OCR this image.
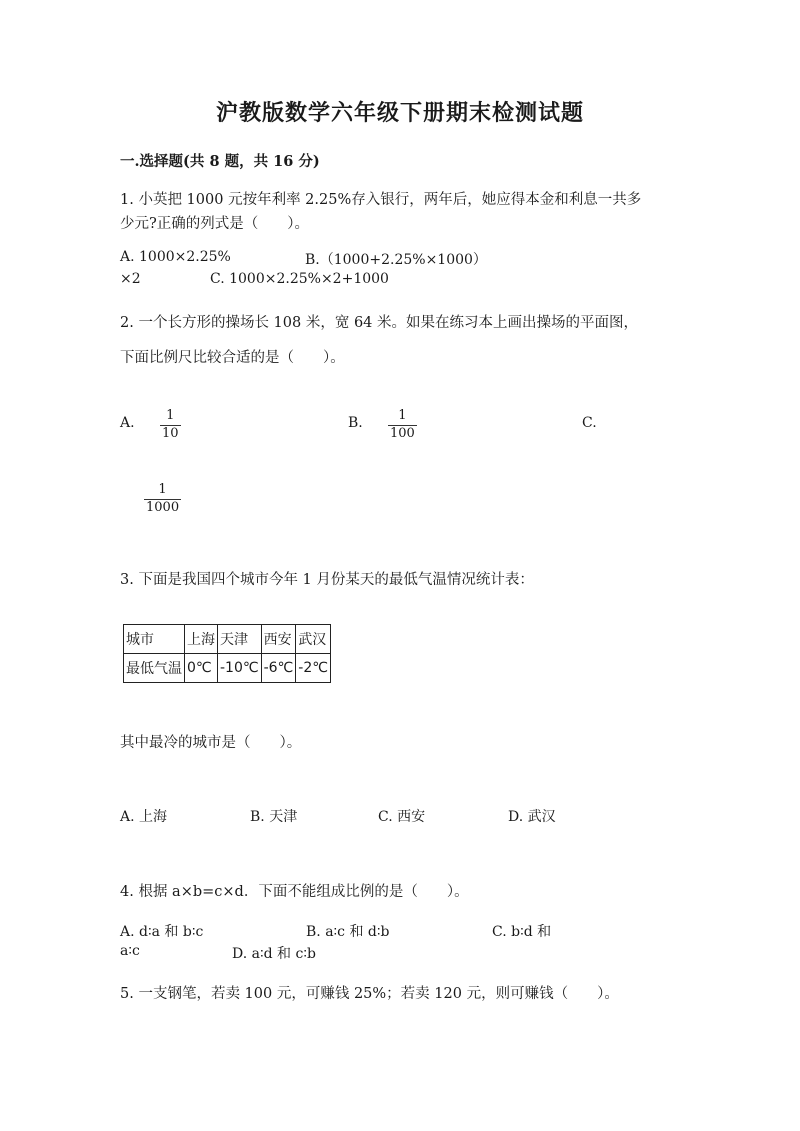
沪教版数学六年级下册期末检测试题
一.选择题(共 8 题，共 16 分)
1. 小英把 1000 元按年利率 2.25%存入银行，两年后，她应得本金和利息一共多
少元?正确的列式是（　　）。
A. 1000×2.25%	B.（1000+2.25%×1000）
×2	C. 1000×2.25%×2+1000
2. 一个长方形的操场长 108 米，宽 64 米。如果在练习本上画出操场的平面图，
下面比例尺比较合适的是（　　）。
A. 1
10
B.	1
100
C.
1
1000
3. 下面是我国四个城市今年 1 月份某天的最低气温情况统计表：
城市	上海	天津	西安	武汉
最低气温	0℃	-10℃	-6℃	-2℃
其中最冷的城市是（　　）。
A. 上海	B. 天津	C. 西安	D. 武汉
4. 根据 a×b=c×d．下面不能组成比例的是（　　）。
A. d∶a 和 b∶c	B. a∶c 和 d∶b	C. b∶d 和
a∶c	D. a∶d 和 c∶b
5. 一支钢笔，若卖 100 元，可赚钱 25%；若卖 120 元，则可赚钱（　　）。
